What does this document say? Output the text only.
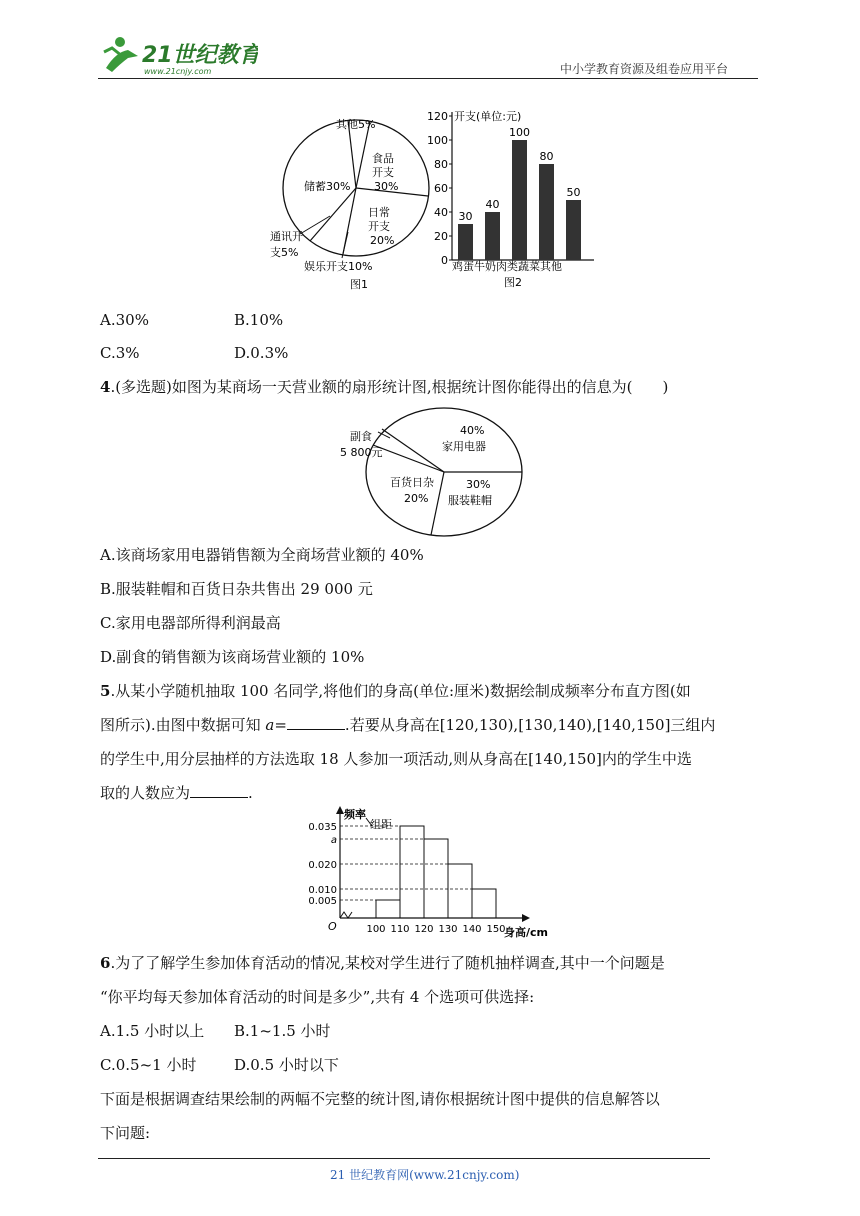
21世纪教育
www.21cnjy.com	中小学教育资源及组卷应用平台
其他5%
食品
开支
30%
储蓄30%
日常
开支
20%
通讯开
支5%
娱乐开支10%
图1
开支(单位:元)
鸡蛋牛奶肉类蔬菜其他
图2
120
100
80
60
40
20
0
30
40
100
80
50
A.30%	B.10%
C.3%	D.0.3%
4.(多选题)如图为某商场一天营业额的扇形统计图,根据统计图你能得出的信息为(　　)
副食
5 800元
40%
家用电器
百货日杂
20%
30%
服装鞋帽
A.该商场家用电器销售额为全商场营业额的 40%
B.服装鞋帽和百货日杂共售出 29 000 元
C.家用电器部所得利润最高
D.副食的销售额为该商场营业额的 10%
5.从某小学随机抽取 100 名同学,将他们的身高(单位:厘米)数据绘制成频率分布直方图(如
图所示).由图中数据可知 a=	.若要从身高在[120,130),[130,140),[140,150]三组内
的学生中,用分层抽样的方法选取 18 人参加一项活动,则从身高在[140,150]内的学生中选
取的人数应为	.
频率
组距
O	身高/cm
0.035
a
0.020
0.010
0.005
100 110 120 130 140 150
6.为了了解学生参加体育活动的情况,某校对学生进行了随机抽样调查,其中一个问题是
“你平均每天参加体育活动的时间是多少”,共有 4 个选项可供选择:
A.1.5 小时以上 B.1~1.5 小时
C.0.5~1 小时	D.0.5 小时以下
下面是根据调查结果绘制的两幅不完整的统计图,请你根据统计图中提供的信息解答以
下问题:
21 世纪教育网(www.21cnjy.com)
